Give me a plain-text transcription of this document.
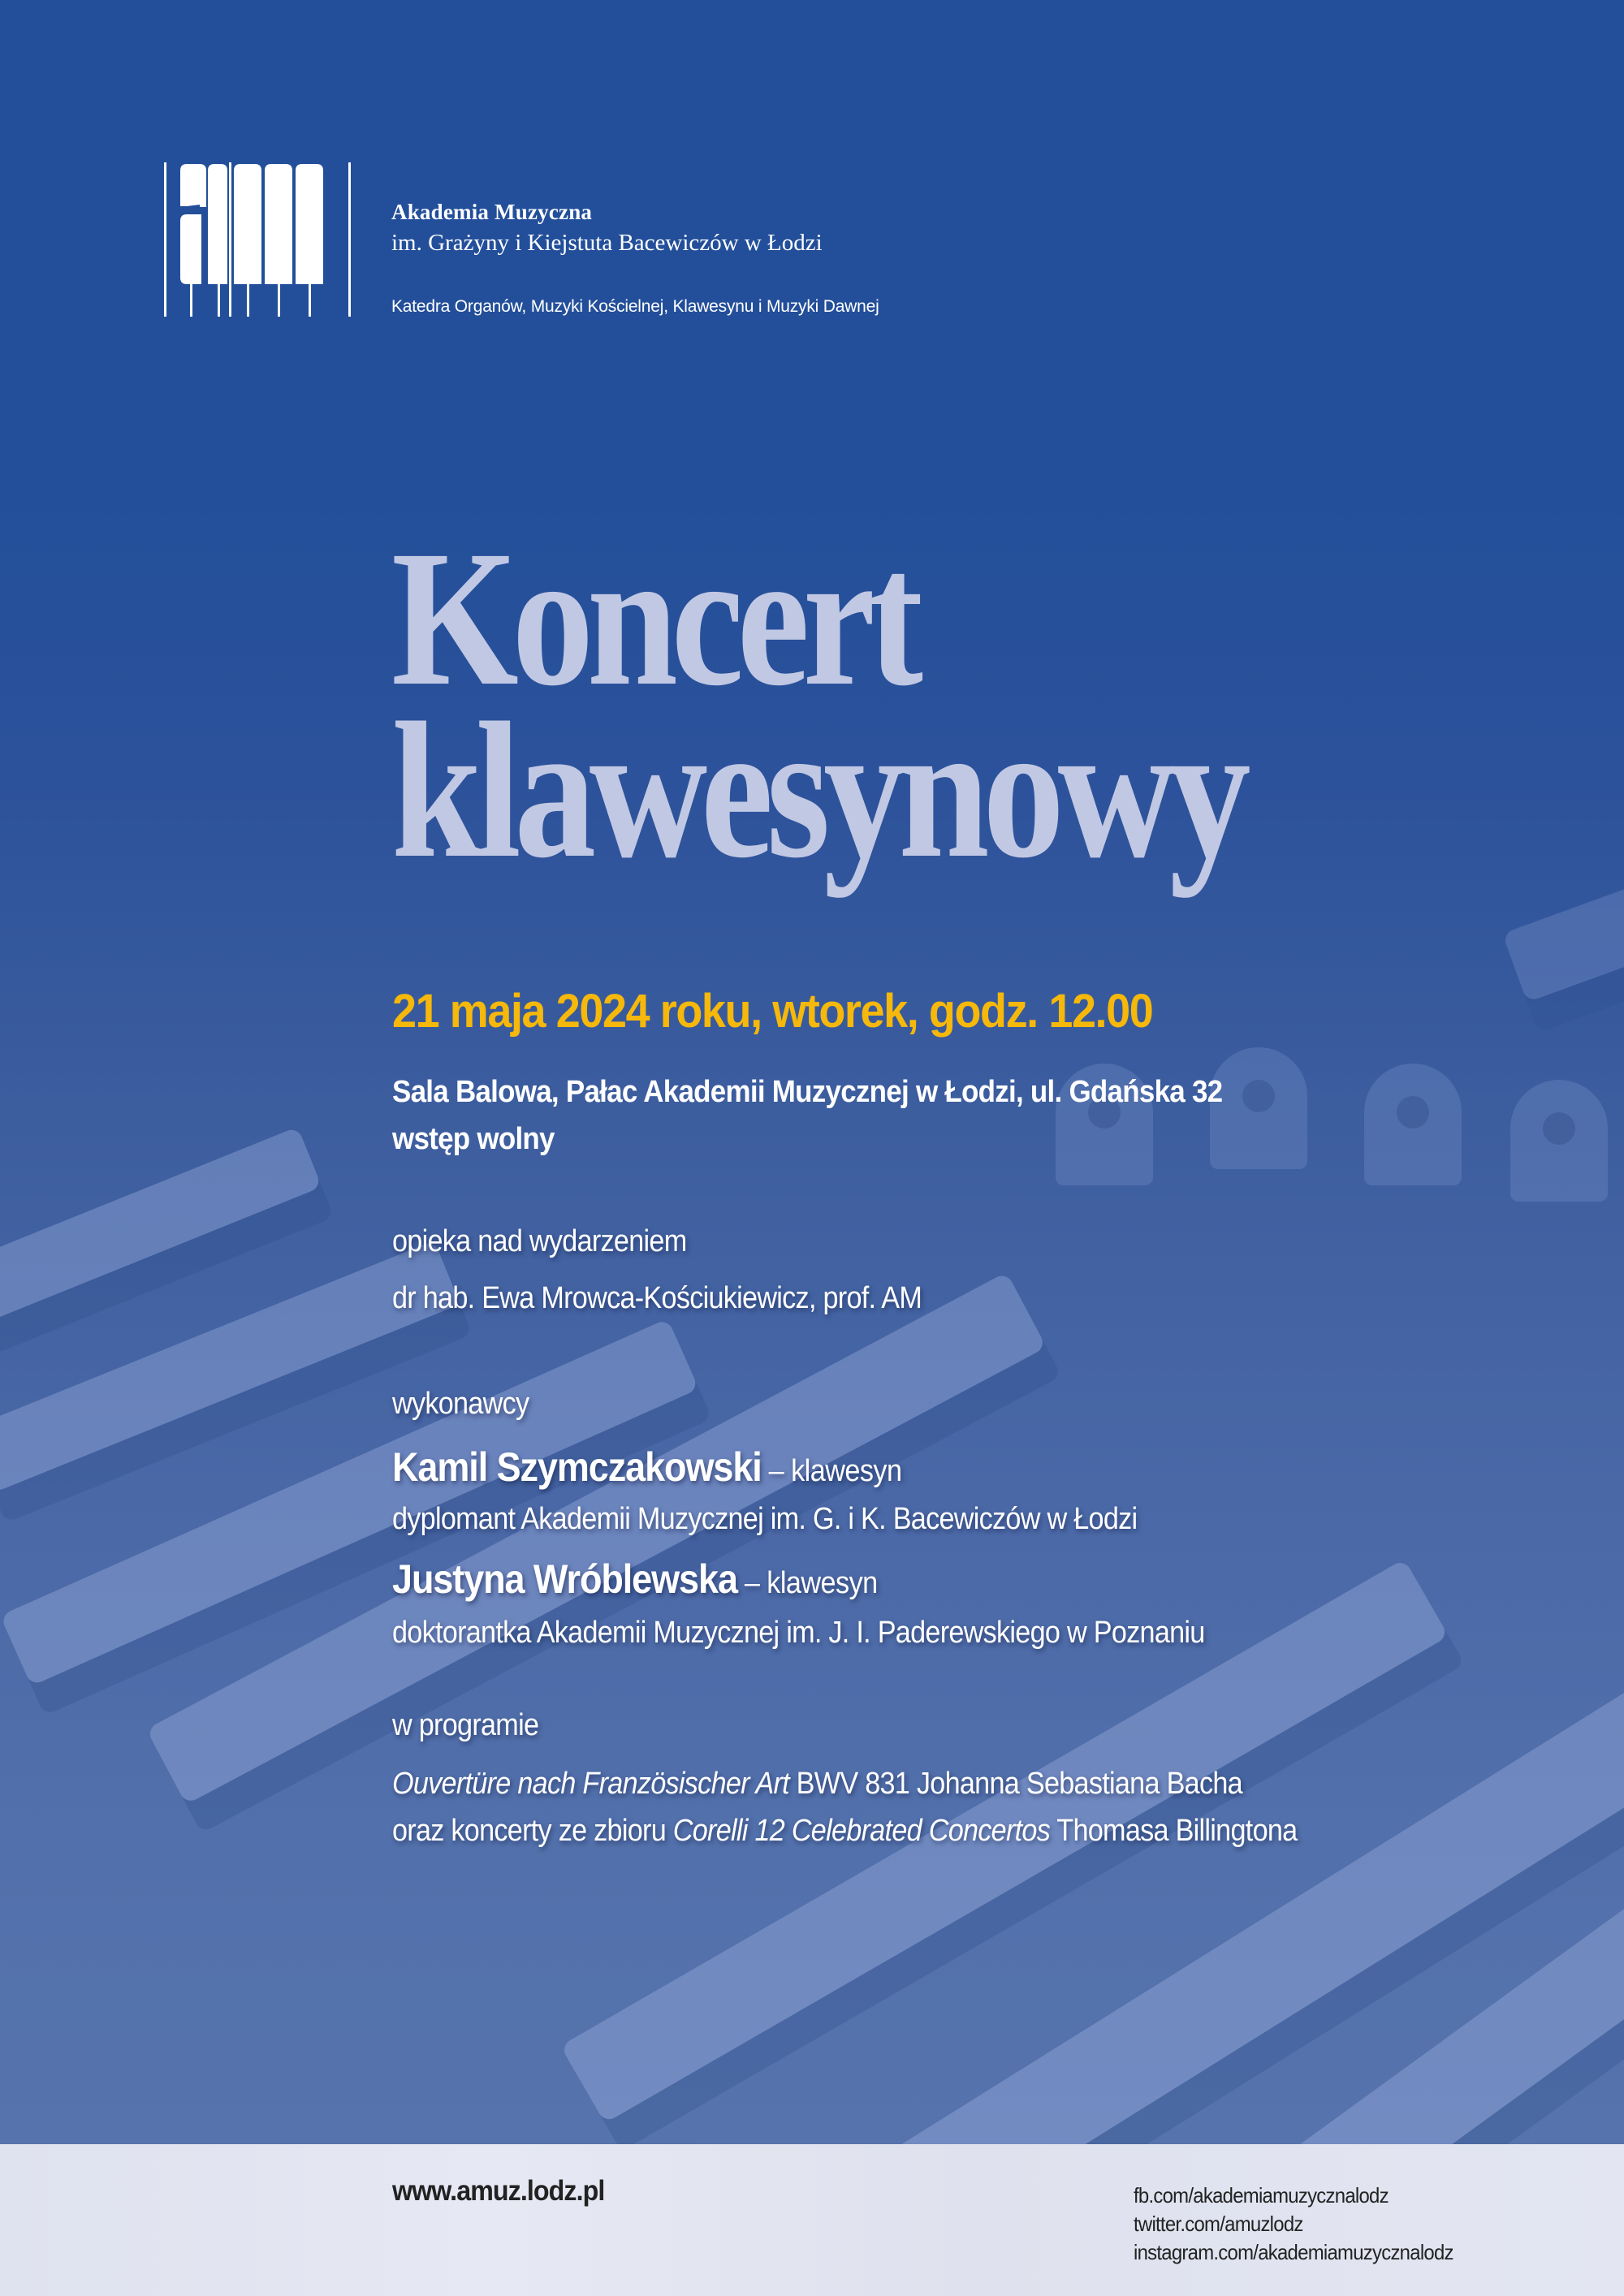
Akademia Muzyczna
im. Grażyny i Kiejstuta Bacewiczów w Łodzi
Katedra Organów, Muzyki Kościelnej, Klawesynu i Muzyki Dawnej
Koncert
klawesynowy
21 maja 2024 roku, wtorek, godz. 12.00
Sala Balowa, Pałac Akademii Muzycznej w Łodzi, ul. Gdańska 32
wstęp wolny
opieka nad wydarzeniem
dr hab. Ewa Mrowca-Kościukiewicz, prof. AM
wykonawcy
Kamil Szymczakowski – klawesyn
dyplomant Akademii Muzycznej im. G. i K. Bacewiczów w Łodzi
Justyna Wróblewska – klawesyn
doktorantka Akademii Muzycznej im. J. I. Paderewskiego w Poznaniu
w programie
Ouvertüre nach Französischer Art BWV 831 Johanna Sebastiana Bacha
oraz koncerty ze zbioru Corelli 12 Celebrated Concertos Thomasa Billingtona
www.amuz.lodz.pl	fb.com/akademiamuzycznalodz
twitter.com/amuzlodz
instagram.com/akademiamuzycznalodz
